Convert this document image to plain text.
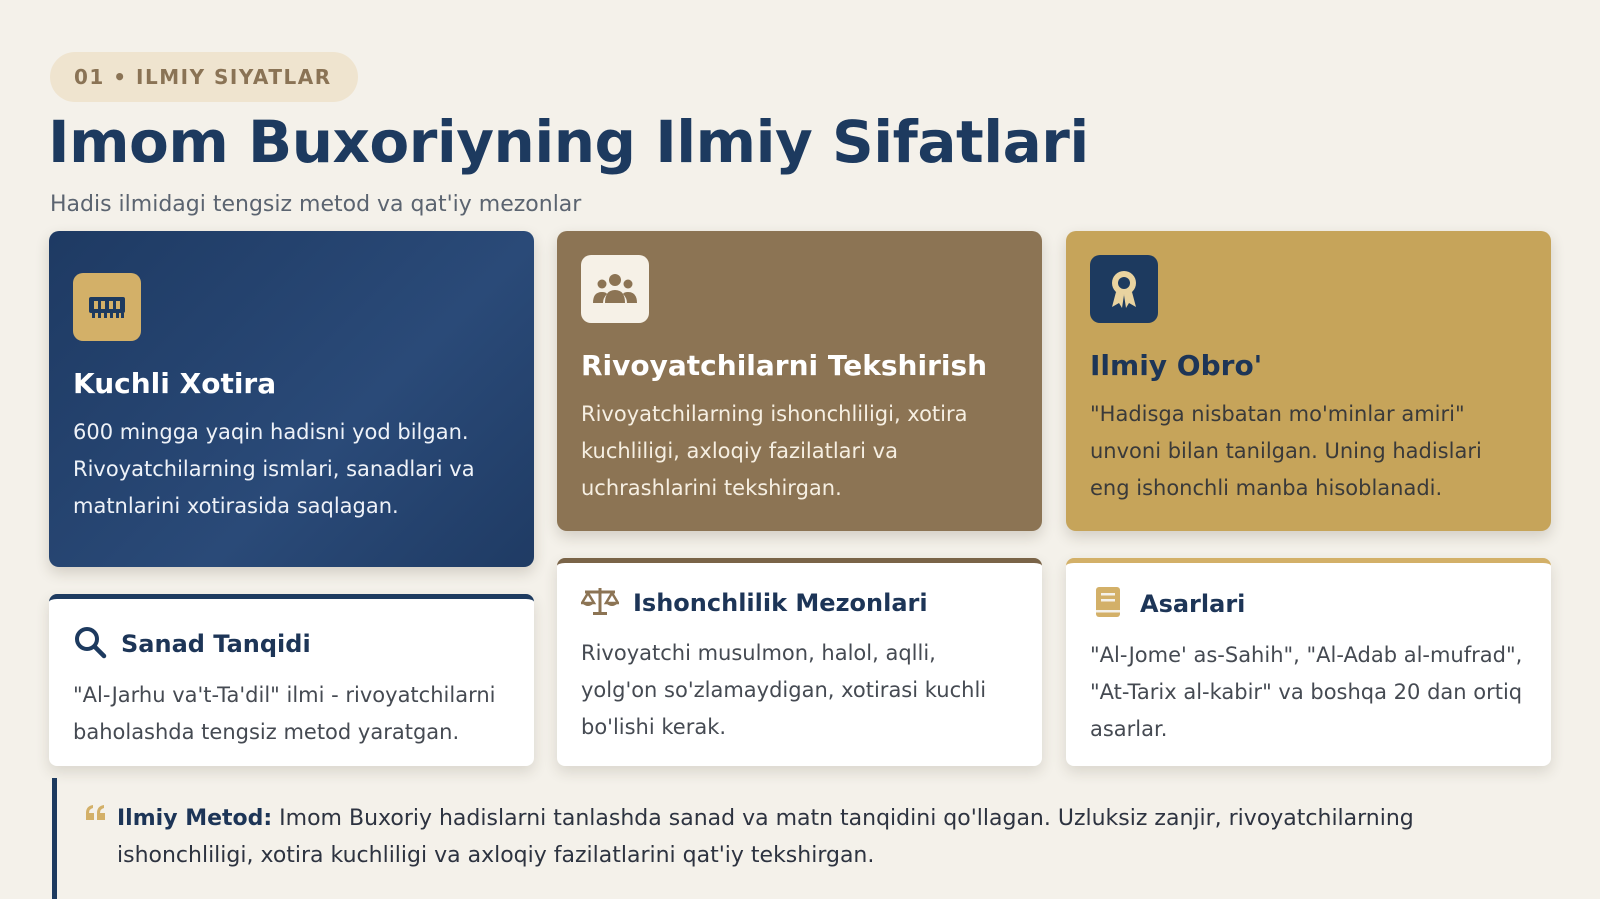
01 • ILMIY SIYATLAR
Imom Buxoriyning Ilmiy Sifatlari
Hadis ilmidagi tengsiz metod va qat'iy mezonlar
Kuchli Xotira
600 mingga yaqin hadisni yod bilgan. Rivoyatchilarning ismlari, sanadlari va matnlarini xotirasida saqlagan.
Rivoyatchilarni Tekshirish
Rivoyatchilarning ishonchliligi, xotira kuchliligi, axloqiy fazilatlari va uchrashlarini tekshirgan.
Ilmiy Obro'
"Hadisga nisbatan mo'minlar amiri" unvoni bilan tanilgan. Uning hadislari eng ishonchli manba hisoblanadi.
Sanad Tanqidi
"Al-Jarhu va't-Ta'dil" ilmi - rivoyatchilarni baholashda tengsiz metod yaratgan.
Ishonchlilik Mezonlari
Rivoyatchi musulmon, halol, aqlli, yolg'on so'zlamaydigan, xotirasi kuchli bo'lishi kerak.
Asarlari
"Al-Jome' as-Sahih", "Al-Adab al-mufrad", "At-Tarix al-kabir" va boshqa 20 dan ortiq asarlar.
Ilmiy Metod: Imom Buxoriy hadislarni tanlashda sanad va matn tanqidini qo'llagan. Uzluksiz zanjir, rivoyatchilarning ishonchliligi, xotira kuchliligi va axloqiy fazilatlarini qat'iy tekshirgan.
